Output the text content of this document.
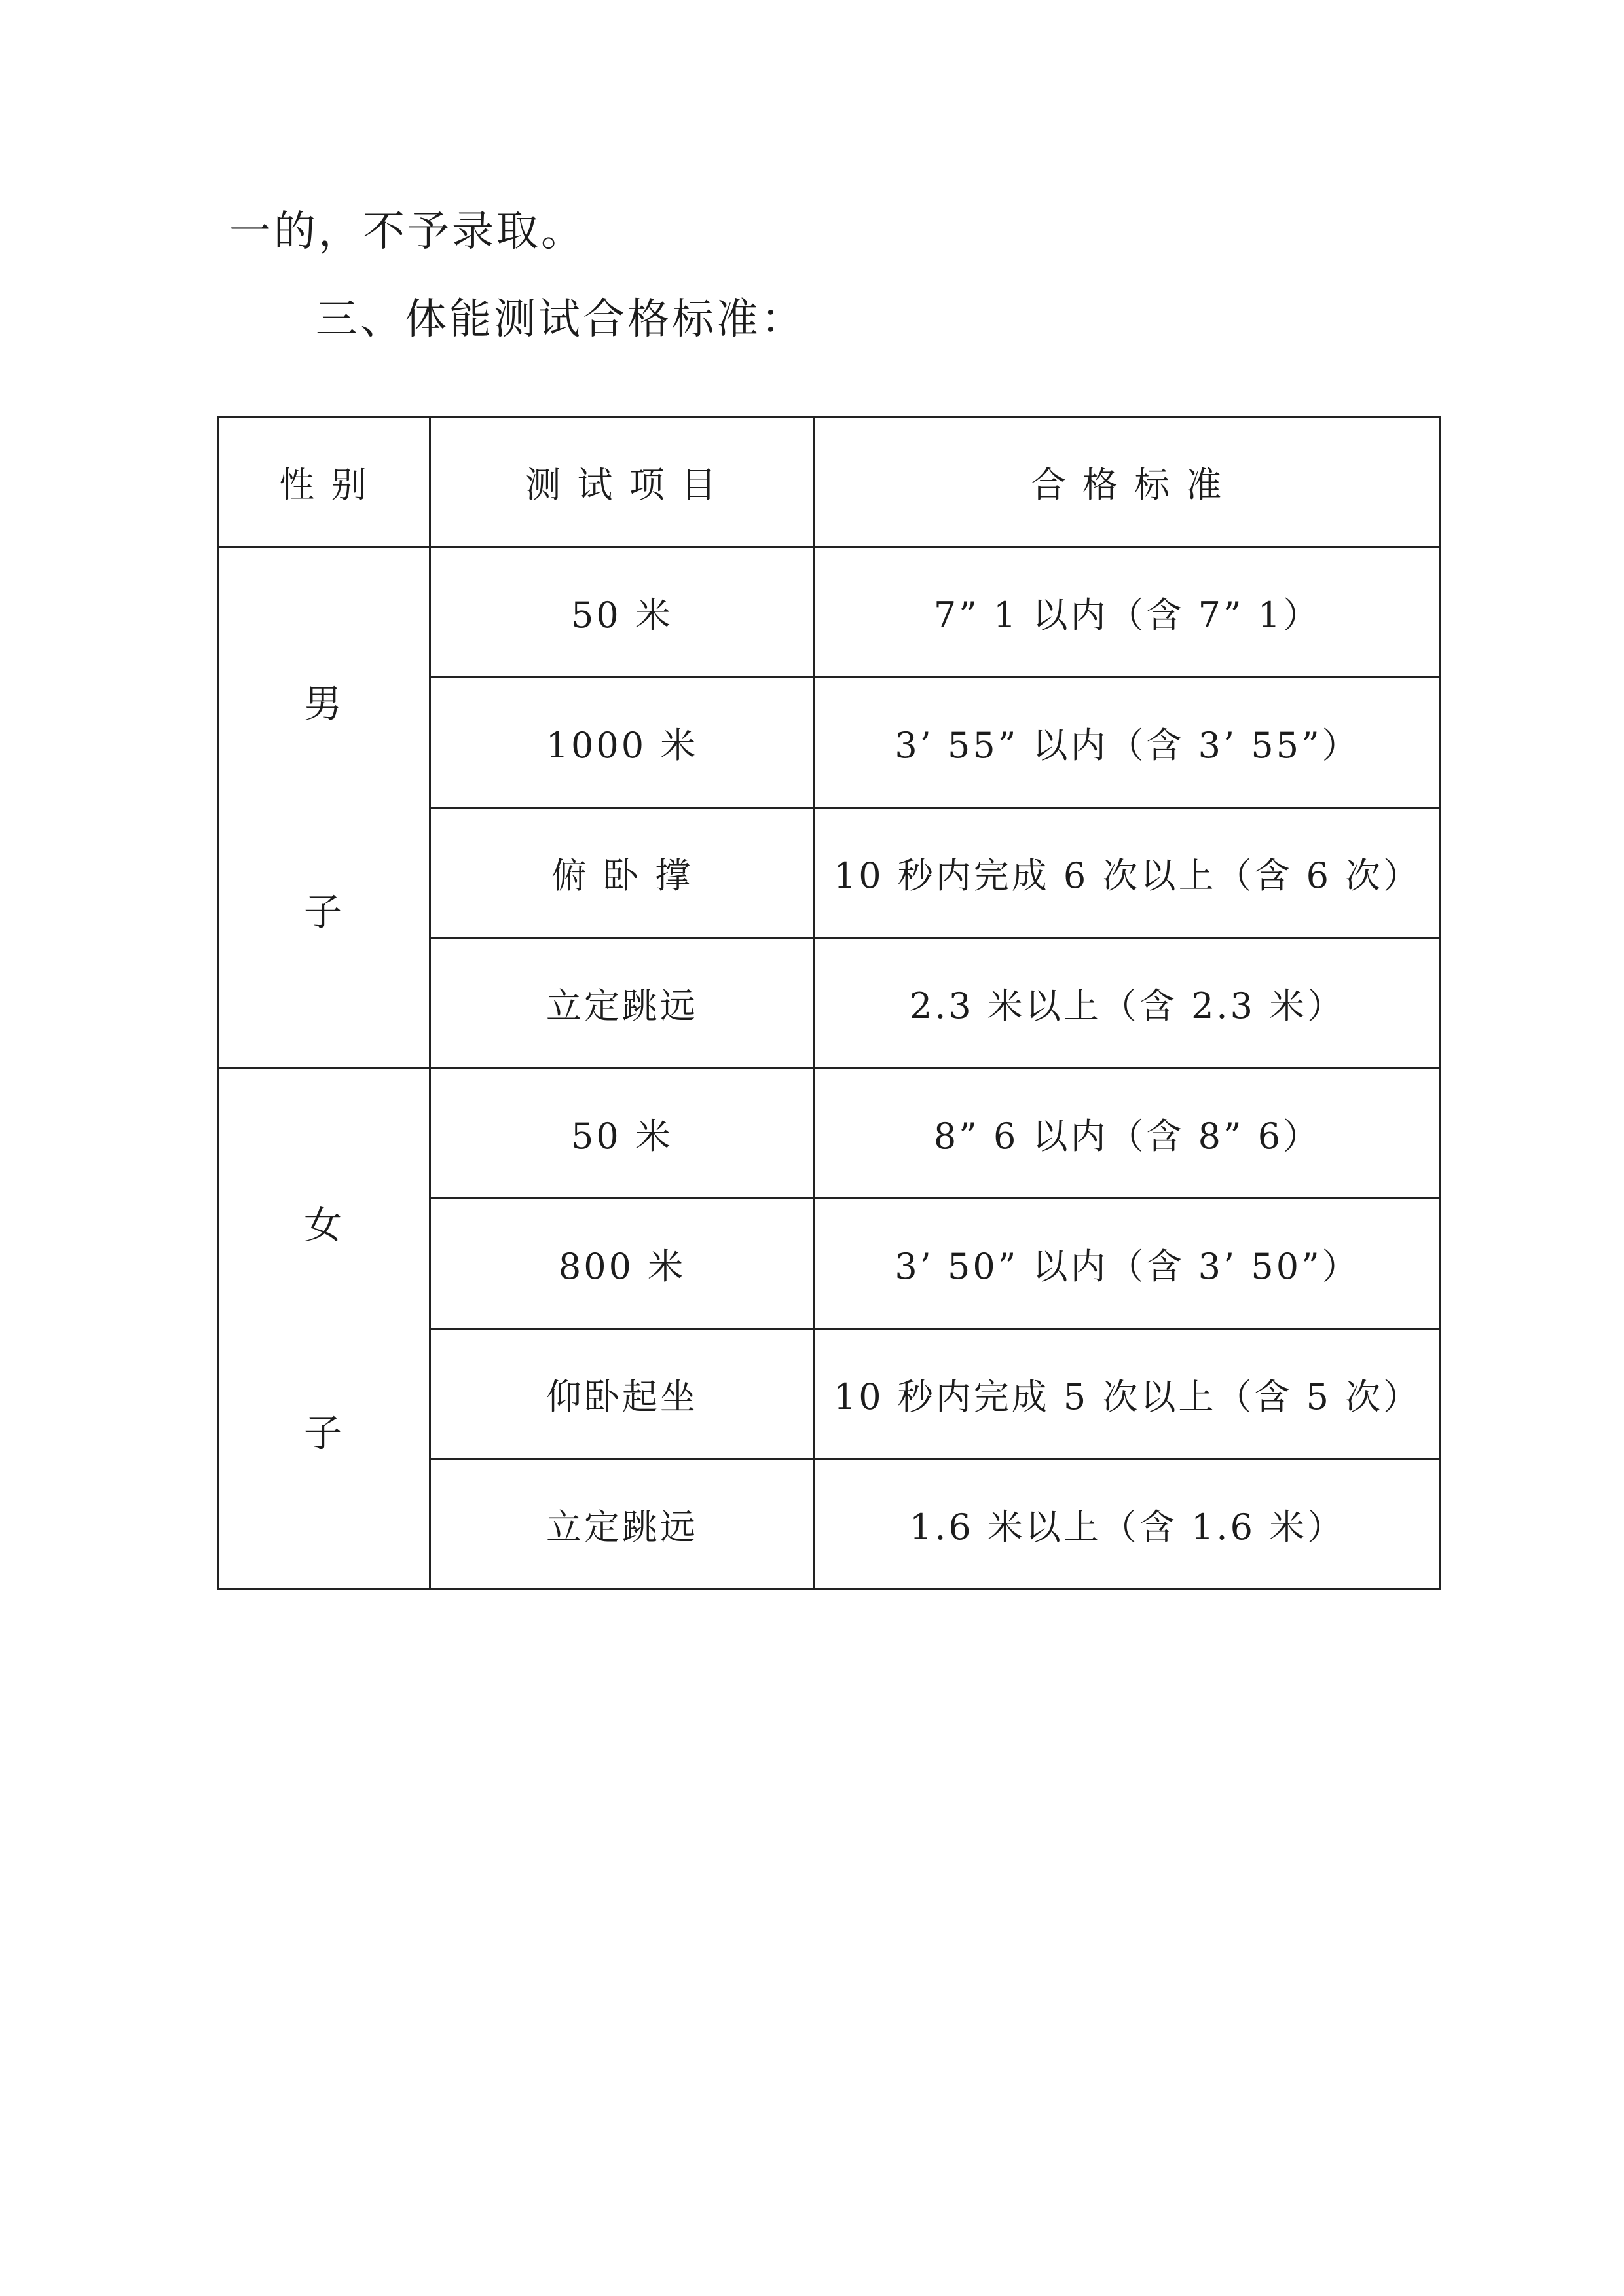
一的，不予录取。
三、体能测试合格标准：
性 别	测 试 项 目	合 格 标 准

男
子	50 米	7” 1 以内（含 7” 1）
	1000 米	3’ 55” 以内（含 3’ 55”）
	俯 卧 撑	10 秒内完成 6 次以上（含 6 次）
	立定跳远	2.3 米以上（含 2.3 米）

女
子	50 米	8” 6 以内（含 8” 6）
	800 米	3’ 50” 以内（含 3’ 50”）
	仰卧起坐	10 秒内完成 5 次以上（含 5 次）
	立定跳远	1.6 米以上（含 1.6 米）
